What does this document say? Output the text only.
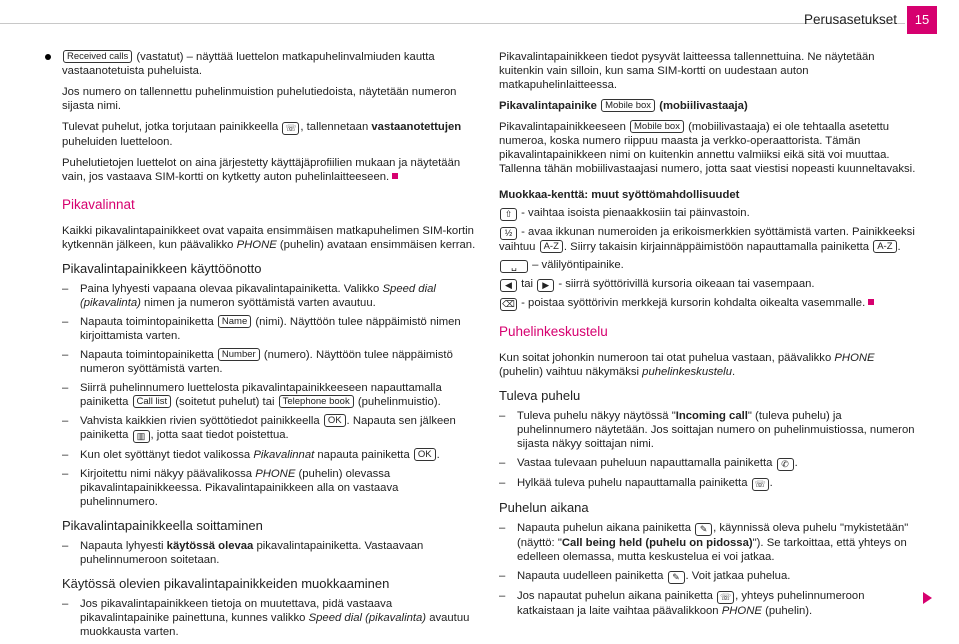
Perusasetukset	15

Received calls (vastatut) – näyttää luettelon matkapuhelinvalmiuden kautta vastaanotetuista puheluista.

Jos numero on tallennettu puhelinmuistion puhelutiedoista, näytetään numeron sijasta nimi.

Tulevat puhelut, jotka torjutaan painikkeella ☏ , tallennetaan vastaanotettujen puheluiden luetteloon.

Puhelutietojen luettelot on aina järjestetty käyttäjäprofiilien mukaan ja näytetään vain, jos vastaava SIM-kortti on kytketty auton puhelinlaitteeseen.

Pikavalinnat

Kaikki pikavalintapainikkeet ovat vapaita ensimmäisen matkapuhelimen SIM-kortin kytkennän jälkeen, kun päävalikko PHONE (puhelin) avataan ensimmäisen kerran.

Pikavalintapainikkeen käyttöönotto
– Paina lyhyesti vapaana olevaa pikavalintapainiketta. Valikko Speed dial (pikavalinta) nimen ja numeron syöttämistä varten avautuu.
– Napauta toimintopainiketta Name (nimi). Näyttöön tulee näppäimistö nimen kirjoittamista varten.
– Napauta toimintopainiketta Number (numero). Näyttöön tulee näppäimistö numeron syöttämistä varten.
– Siirrä puhelinnumero luettelosta pikavalintapainikkeeseen napauttamalla painiketta Call list (soitetut puhelut) tai Telephone book (puhelinmuistio).
– Vahvista kaikkien rivien syöttötiedot painikkeella OK . Napauta sen jälkeen painiketta ▥ , jotta saat tiedot poistettua.
– Kun olet syöttänyt tiedot valikossa Pikavalinnat napauta painiketta OK .
– Kirjoitettu nimi näkyy päävalikossa PHONE (puhelin) olevassa pikavalintapainikkeessa. Pikavalintapainikkeen alla on vastaava puhelinnumero.
Pikavalintapainikkeella soittaminen
– Napauta lyhyesti käytössä olevaa pikavalintapainiketta. Vastaavaan puhelinnumeroon soitetaan.
Käytössä olevien pikavalintapainikkeiden muokkaaminen
– Jos pikavalintapainikkeen tietoja on muutettava, pidä vastaava pikavalintapainike painettuna, kunnes valikko Speed dial (pikavalinta) avautuu muokkausta varten.

Pikavalintapainikkeen tiedot pysyvät laitteessa tallennettuina. Ne näytetään kuitenkin vain silloin, kun sama SIM-kortti on uudestaan auton matkapuhelinlaitteessa.

Pikavalintapainike Mobile box (mobiilivastaaja)

Pikavalintapainikkeeseen Mobile box (mobiilivastaaja) ei ole tehtaalla asetettu numeroa, koska numero riippuu maasta ja verkko-operaattorista. Tämän pikavalintapainikkeen nimi on kuitenkin annettu valmiiksi eikä sitä voi muuttaa. Tallenna tähän mobiilivastaajasi numero, jotta saat viestisi nopeasti kuunneltavaksi.

Muokkaa-kenttä: muut syöttömahdollisuudet

⇧ - vaihtaa isoista pienaakkosiin tai päinvastoin.

½ - avaa ikkunan numeroiden ja erikoismerkkien syöttämistä varten. Painikkeeksi vaihtuu A-Z . Siirry takaisin kirjainnäppäimistöön napauttamalla painiketta A-Z .

␣ – välilyöntipainike.

◀ tai ▶ - siirrä syöttörivillä kursoria oikeaan tai vasempaan.

⌫ - poistaa syöttörivin merkkejä kursorin kohdalta oikealta vasemmalle.

Puhelinkeskustelu

Kun soitat johonkin numeroon tai otat puhelua vastaan, päävalikko PHONE (puhelin) vaihtuu näkymäksi puhelinkeskustelu.

Tuleva puhelu
– Tuleva puhelu näkyy näytössä "Incoming call" (tuleva puhelu) ja puhelinnumero näytetään. Jos soittajan numero on puhelinmuistiossa, numeron sijasta näkyy soittajan nimi.
– Vastaa tulevaan puheluun napauttamalla painiketta ✆ .
– Hylkää tuleva puhelu napauttamalla painiketta ☏ .
Puhelun aikana
– Napauta puhelun aikana painiketta ✎ , käynnissä oleva puhelu "mykistetään" (näyttö: "Call being held (puhelu on pidossa)"). Se tarkoittaa, että yhteys on edelleen olemassa, mutta keskustelua ei voi jatkaa.
– Napauta uudelleen painiketta ✎ . Voit jatkaa puhelua.
– Jos napautat puhelun aikana painiketta ☏ , yhteys puhelinnumeroon katkaistaan ja laite vaihtaa päävalikkoon PHONE (puhelin).
